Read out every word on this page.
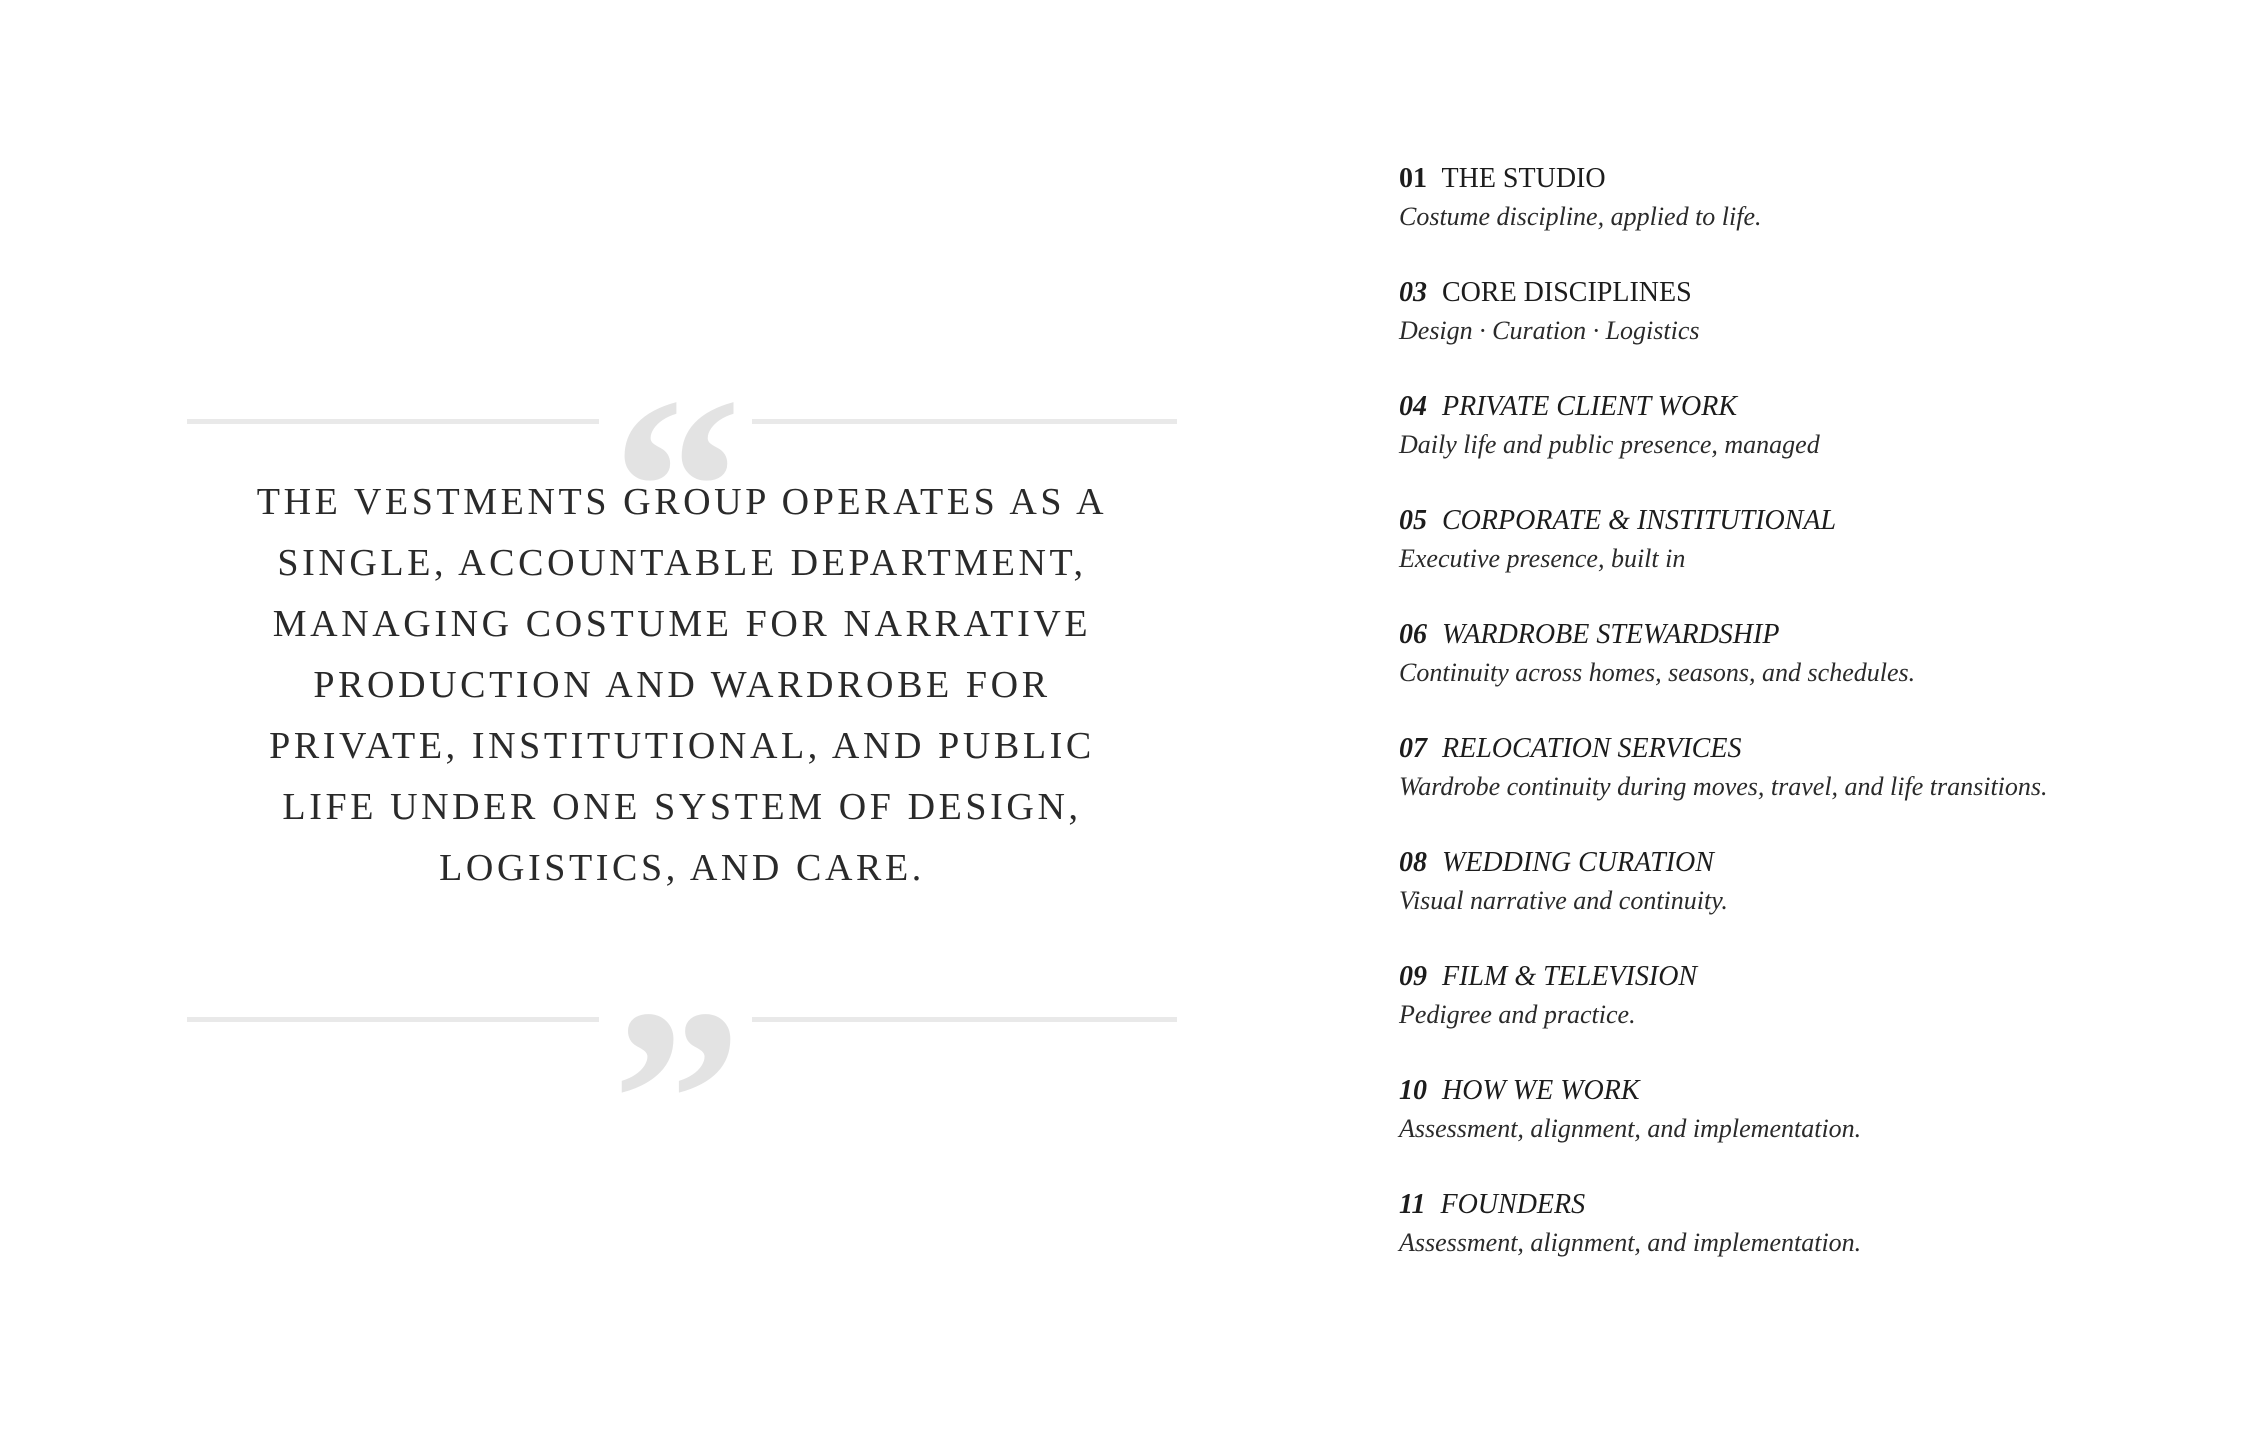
“

THE VESTMENTS GROUP OPERATES AS A SINGLE, ACCOUNTABLE DEPARTMENT, MANAGING COSTUME FOR NARRATIVE PRODUCTION AND WARDROBE FOR PRIVATE, INSTITUTIONAL, AND PUBLIC LIFE UNDER ONE SYSTEM OF DESIGN, LOGISTICS, AND CARE.

”
01 THE STUDIO
Costume discipline, applied to life.
03 CORE DISCIPLINES
Design · Curation · Logistics
04 PRIVATE CLIENT WORK
Daily life and public presence, managed
05 CORPORATE & INSTITUTIONAL
Executive presence, built in
06 WARDROBE STEWARDSHIP
Continuity across homes, seasons, and schedules.
07 RELOCATION SERVICES
Wardrobe continuity during moves, travel, and life transitions.
08 WEDDING CURATION
Visual narrative and continuity.
09 FILM & TELEVISION
Pedigree and practice.
10 HOW WE WORK
Assessment, alignment, and implementation.
11 FOUNDERS
Assessment, alignment, and implementation.
